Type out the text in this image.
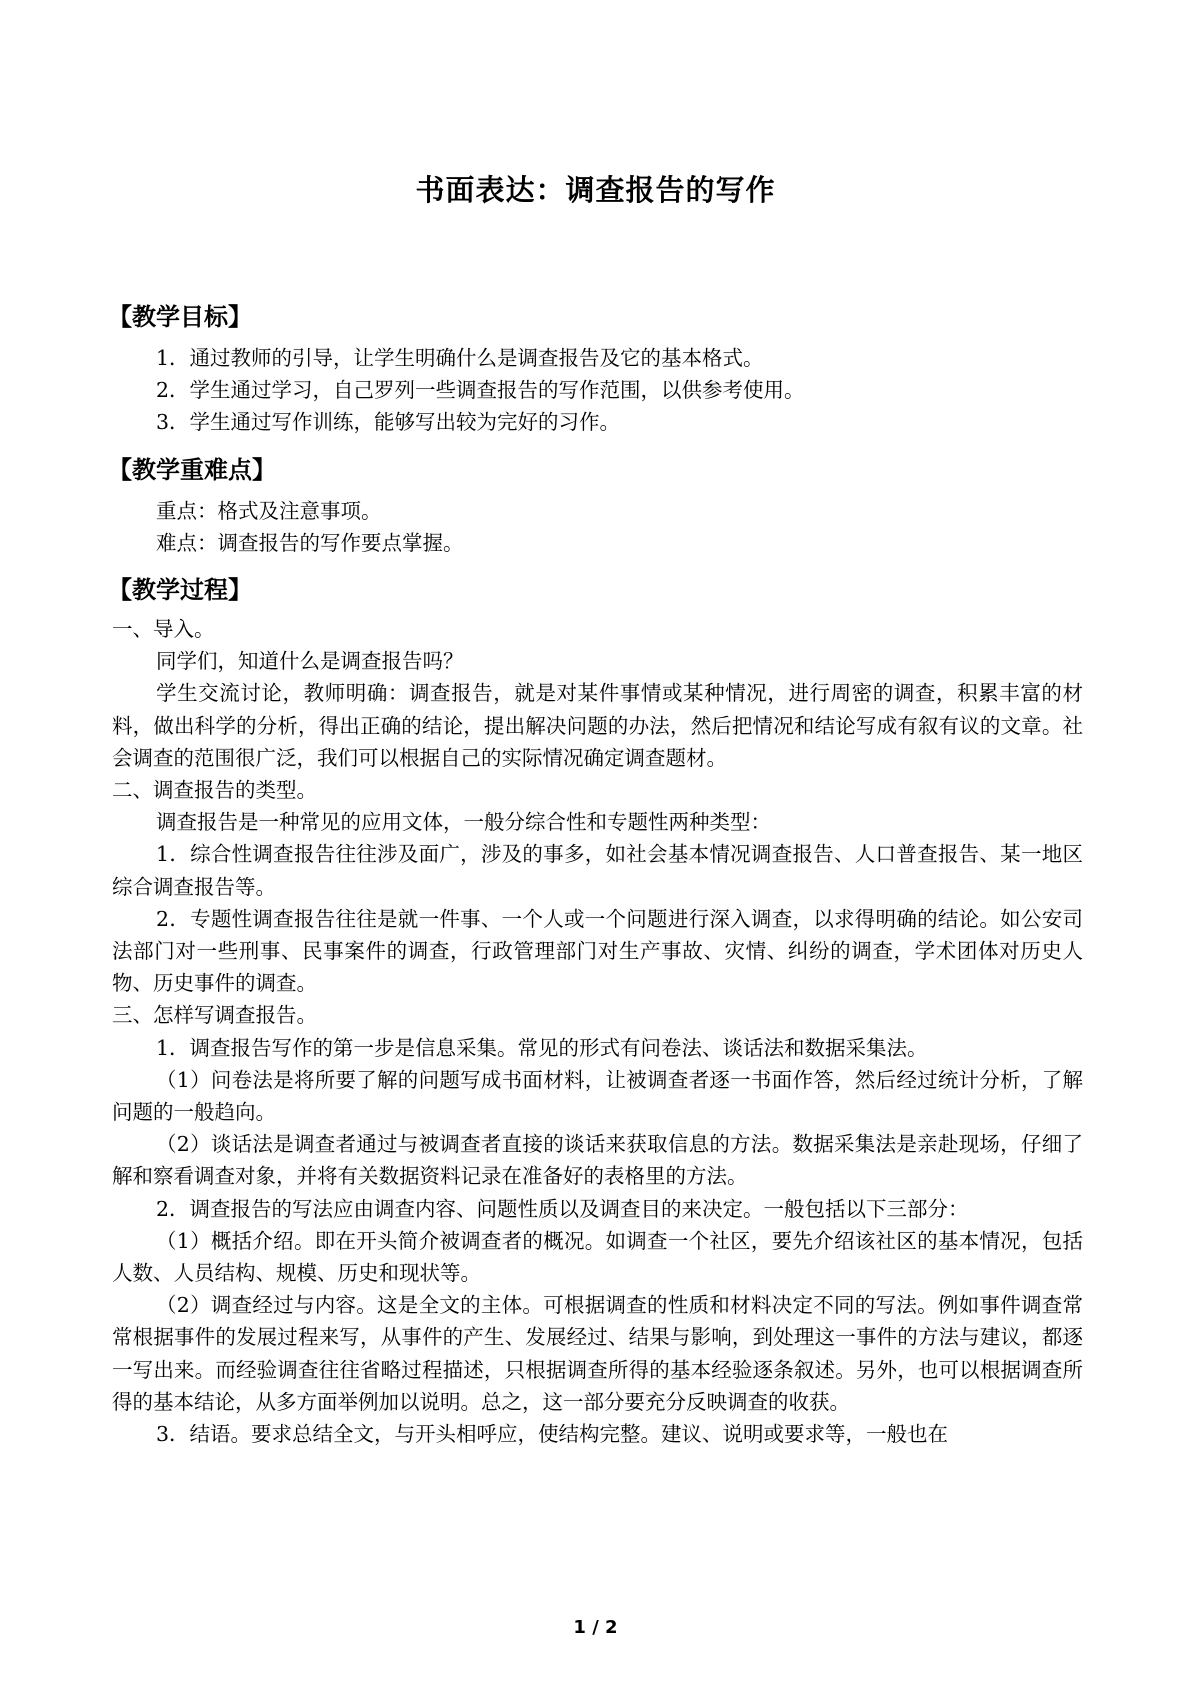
书面表达：调查报告的写作
【教学目标】

1．通过教师的引导，让学生明确什么是调查报告及它的基本格式。

2．学生通过学习，自己罗列一些调查报告的写作范围，以供参考使用。

3．学生通过写作训练，能够写出较为完好的习作。

【教学重难点】

重点：格式及注意事项。

难点：调查报告的写作要点掌握。

【教学过程】

一、导入。

同学们，知道什么是调查报告吗？

学生交流讨论，教师明确：调查报告，就是对某件事情或某种情况，进行周密的调查，积累丰富的材料，做出科学的分析，得出正确的结论，提出解决问题的办法，然后把情况和结论写成有叙有议的文章。社会调查的范围很广泛，我们可以根据自己的实际情况确定调查题材。

二、调查报告的类型。

调查报告是一种常见的应用文体，一般分综合性和专题性两种类型：

1．综合性调查报告往往涉及面广，涉及的事多，如社会基本情况调查报告、人口普查报告、某一地区综合调查报告等。

2．专题性调查报告往往是就一件事、一个人或一个问题进行深入调查，以求得明确的结论。如公安司法部门对一些刑事、民事案件的调查，行政管理部门对生产事故、灾情、纠纷的调查，学术团体对历史人物、历史事件的调查。

三、怎样写调查报告。

1．调查报告写作的第一步是信息采集。常见的形式有问卷法、谈话法和数据采集法。

（1）问卷法是将所要了解的问题写成书面材料，让被调查者逐一书面作答，然后经过统计分析，了解问题的一般趋向。

（2）谈话法是调查者通过与被调查者直接的谈话来获取信息的方法。数据采集法是亲赴现场，仔细了解和察看调查对象，并将有关数据资料记录在准备好的表格里的方法。

2．调查报告的写法应由调查内容、问题性质以及调查目的来决定。一般包括以下三部分：

（1）概括介绍。即在开头简介被调查者的概况。如调查一个社区，要先介绍该社区的基本情况，包括人数、人员结构、规模、历史和现状等。

（2）调查经过与内容。这是全文的主体。可根据调查的性质和材料决定不同的写法。例如事件调查常常根据事件的发展过程来写，从事件的产生、发展经过、结果与影响，到处理这一事件的方法与建议，都逐一写出来。而经验调查往往省略过程描述，只根据调查所得的基本经验逐条叙述。另外，也可以根据调查所得的基本结论，从多方面举例加以说明。总之，这一部分要充分反映调查的收获。

3．结语。要求总结全文，与开头相呼应，使结构完整。建议、说明或要求等，一般也在

1 / 2
